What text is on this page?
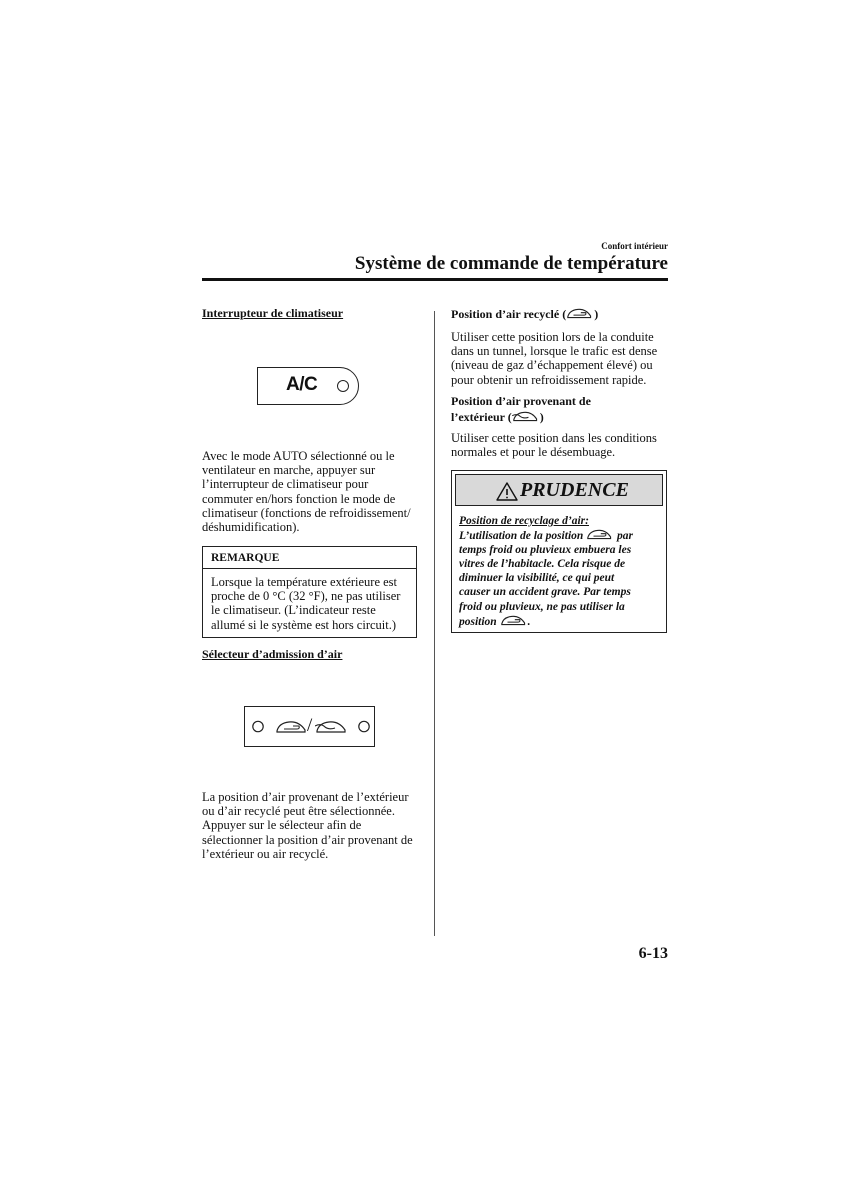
Confort intérieur
Système de commande de température
Interrupteur de climatiseur
A/C
Avec le mode AUTO sélectionné ou le
ventilateur en marche, appuyer sur
l’interrupteur de climatiseur pour
commuter en/hors fonction le mode de
climatiseur (fonctions de refroidissement/
déshumidification).
REMARQUE
Lorsque la température extérieure est
proche de 0 °C (32 °F), ne pas utiliser
le climatiseur. (L’indicateur reste
allumé si le système est hors circuit.)
Sélecteur d’admission d’air
/
La position d’air provenant de l’extérieur
ou d’air recyclé peut être sélectionnée.
Appuyer sur le sélecteur afin de
sélectionner la position d’air provenant de
l’extérieur ou air recyclé.
Position d’air recyclé ( )
Utiliser cette position lors de la conduite
dans un tunnel, lorsque le trafic est dense
(niveau de gaz d’échappement élevé) ou
pour obtenir un refroidissement rapide.
Position d’air provenant de
l’extérieur ( )
Utiliser cette position dans les conditions
normales et pour le désembuage.
PRUDENCE
Position de recyclage d’air:
L’utilisation de la position	par
temps froid ou pluvieux embuera les
vitres de l’habitacle. Cela risque de
diminuer la visibilité, ce qui peut
causer un accident grave. Par temps
froid ou pluvieux, ne pas utiliser la
position	.
6-13
